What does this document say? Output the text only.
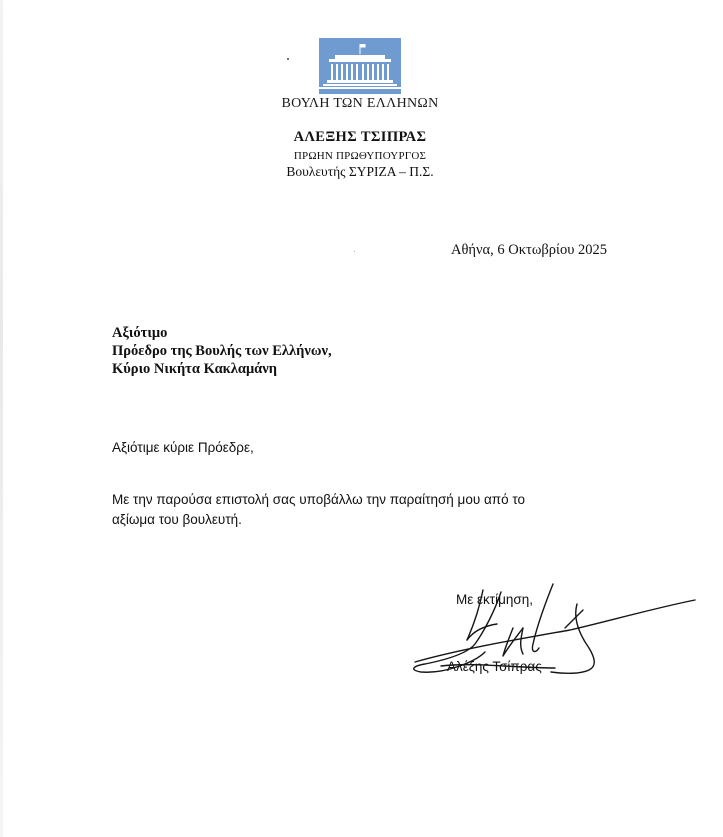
ΒΟΥΛΗ ΤΩΝ ΕΛΛΗΝΩΝ
ΑΛΕΞΗΣ ΤΣΙΠΡΑΣ
ΠΡΩΗΝ ΠΡΩΘΥΠΟΥΡΓΟΣ
Βουλευτής ΣΥΡΙΖΑ – Π.Σ.
Αθήνα, 6 Οκτωβρίου 2025
Αξιότιμο
Πρόεδρο της Βουλής των Ελλήνων,
Κύριο Νικήτα Κακλαμάνη
Αξιότιμε κύριε Πρόεδρε,
Με την παρούσα επιστολή σας υποβάλλω την παραίτησή μου από το αξίωμα του βουλευτή.
Με εκτίμηση,
Αλέξης Τσίπρας
